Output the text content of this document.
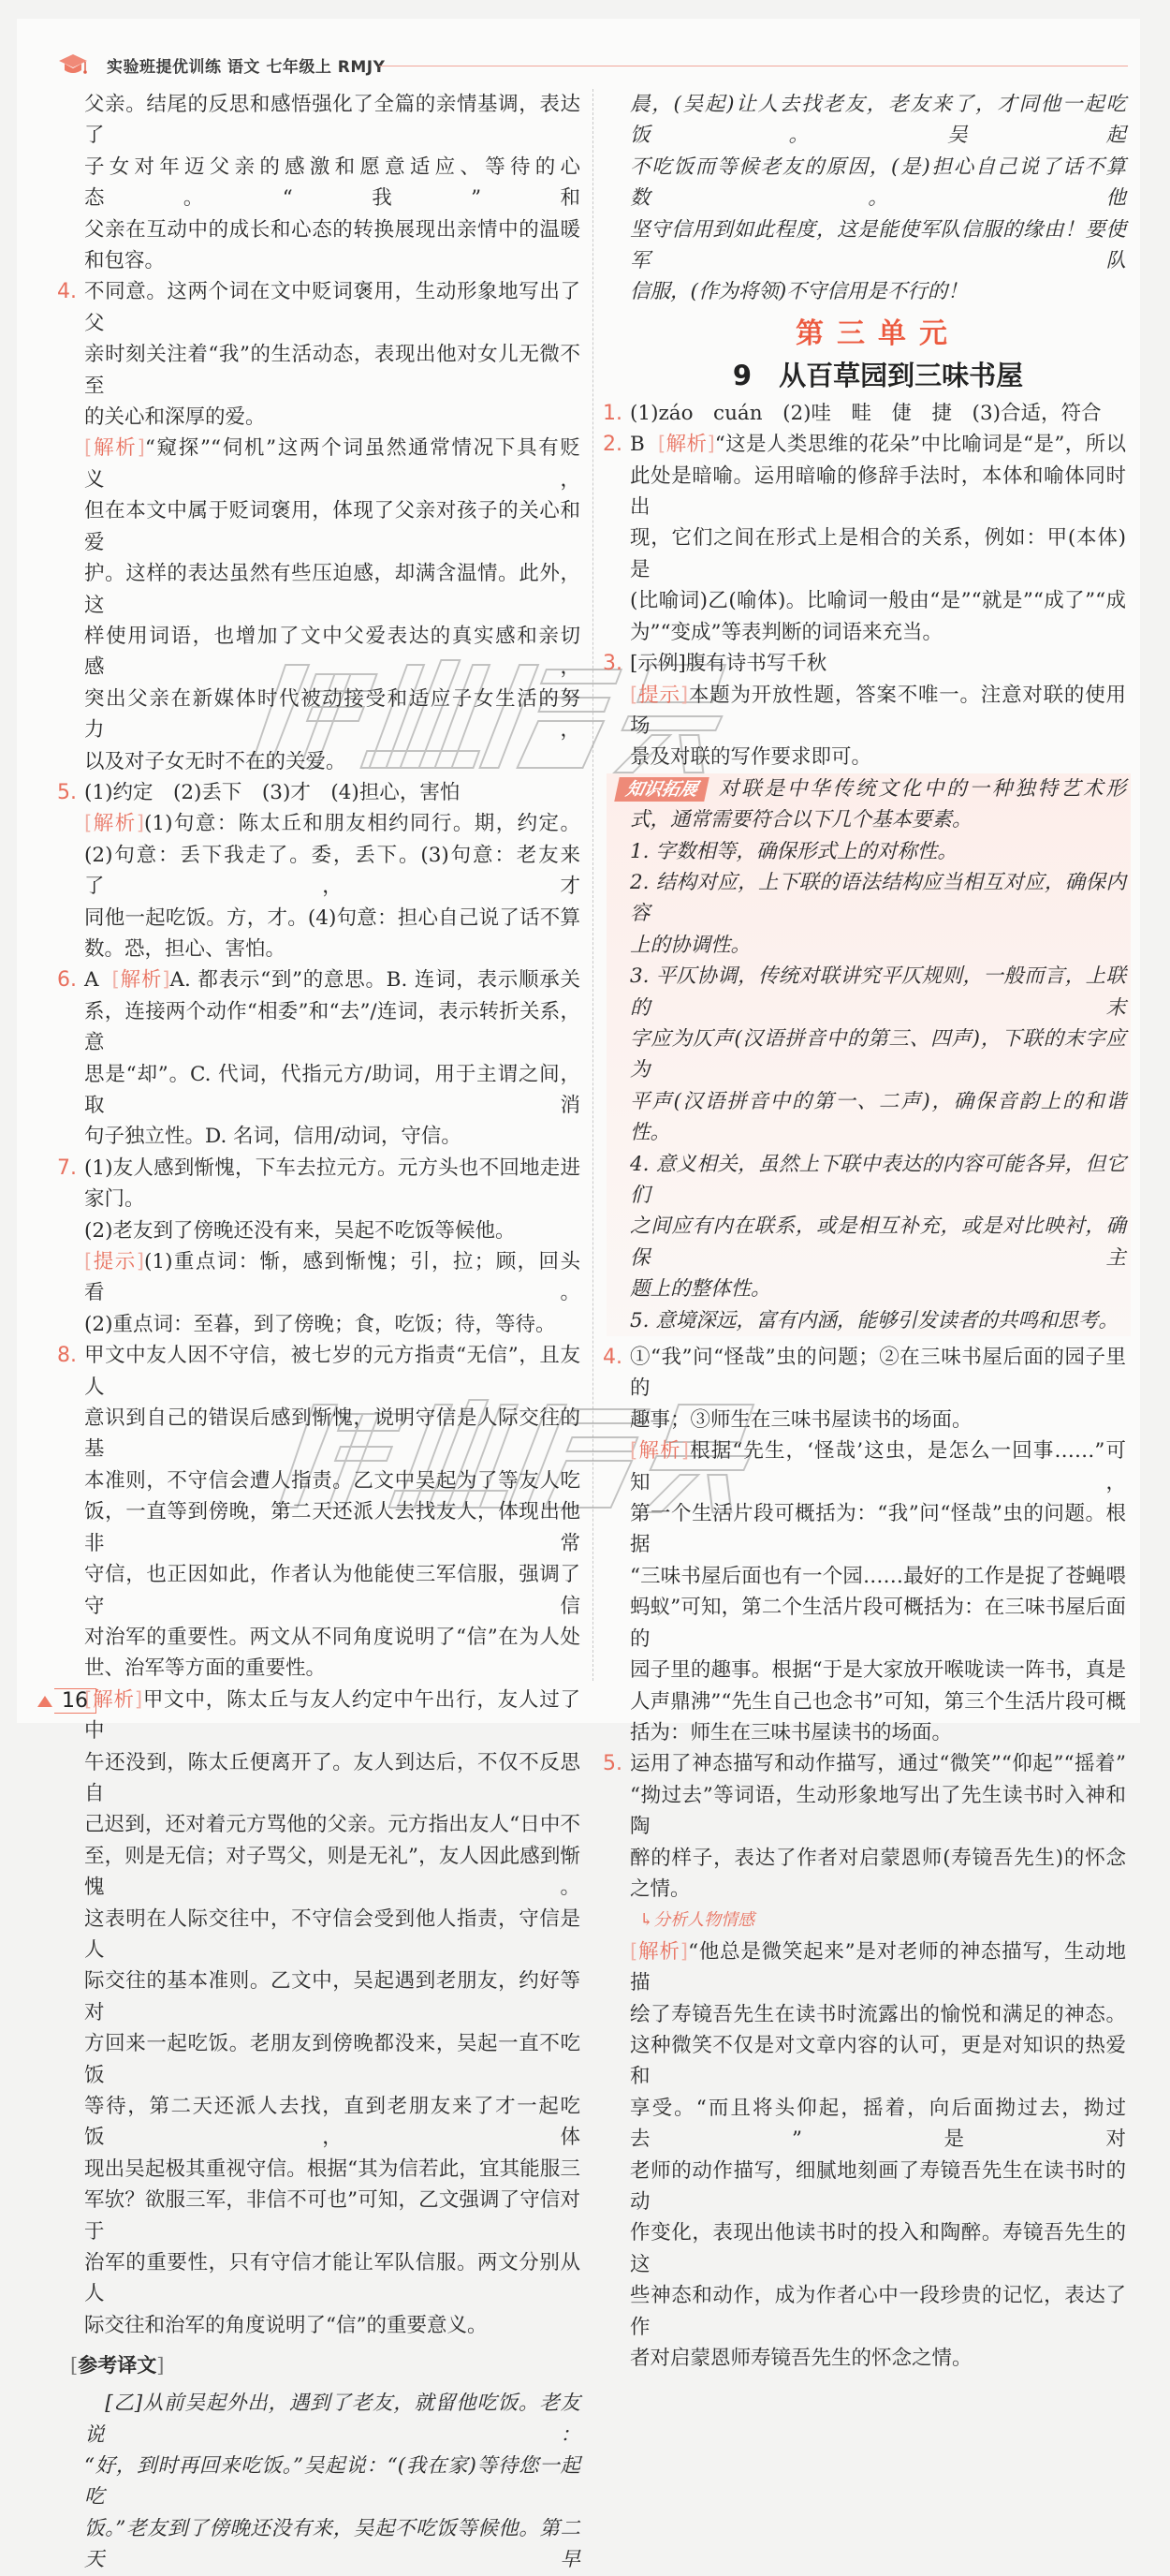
实验班提优训练 语文 七年级上 RMJY
父亲。结尾的反思和感悟强化了全篇的亲情基调，表达了
子女对年迈父亲的感激和愿意适应、等待的心态。“我”和
父亲在互动中的成长和心态的转换展现出亲情中的温暖
和包容。
4. 不同意。这两个词在文中贬词褒用，生动形象地写出了父
亲时刻关注着“我”的生活动态，表现出他对女儿无微不至
的关心和深厚的爱。
[ 解析 ] “窥探”“伺机”这两个词虽然通常情况下具有贬义，
但在本文中属于贬词褒用，体现了父亲对孩子的关心和爱
护。这样的表达虽然有些压迫感，却满含温情。此外，这
样使用词语，也增加了文中父爱表达的真实感和亲切感，
突出父亲在新媒体时代被动接受和适应子女生活的努力，
以及对子女无时不在的关爱。
5. (1)约定　(2)丢下　(3)才　(4)担心，害怕
[ 解析 ] (1)句意：陈太丘和朋友相约同行。期，约定。
(2)句意：丢下我走了。委，丢下。(3)句意：老友来了，才
同他一起吃饭。方，才。(4)句意：担心自己说了话不算
数。恐，担心、害怕。
6. A [ 解析 ] A. 都表示“到”的意思。B. 连词，表示顺承关
系，连接两个动作“相委”和“去”/连词，表示转折关系，意
思是“却”。C. 代词，代指元方/助词，用于主谓之间，取消
句子独立性。D. 名词，信用/动词，守信。
7. (1)友人感到惭愧，下车去拉元方。元方头也不回地走进
家门。
(2)老友到了傍晚还没有来，吴起不吃饭等候他。
[ 提示 ] (1)重点词：惭，感到惭愧；引，拉；顾，回头看。
(2)重点词：至暮，到了傍晚；食，吃饭；待，等待。
8. 甲文中友人因不守信，被七岁的元方指责“无信”，且友人
意识到自己的错误后感到惭愧，说明守信是人际交往的基
本准则，不守信会遭人指责。乙文中吴起为了等友人吃
饭，一直等到傍晚，第二天还派人去找友人，体现出他非常
守信，也正因如此，作者认为他能使三军信服，强调了守信
对治军的重要性。两文从不同角度说明了“信”在为人处
世、治军等方面的重要性。
[ 解析 ] 甲文中，陈太丘与友人约定中午出行，友人过了中
午还没到，陈太丘便离开了。友人到达后，不仅不反思自
己迟到，还对着元方骂他的父亲。元方指出友人“日中不
至，则是无信；对子骂父，则是无礼”，友人因此感到惭愧。
这表明在人际交往中，不守信会受到他人指责，守信是人
际交往的基本准则。乙文中，吴起遇到老朋友，约好等对
方回来一起吃饭。老朋友到傍晚都没来，吴起一直不吃饭
等待，第二天还派人去找，直到老朋友来了才一起吃饭，体
现出吴起极其重视守信。根据“其为信若此，宜其能服三
军欤？欲服三军，非信不可也”可知，乙文强调了守信对于
治军的重要性，只有守信才能让军队信服。两文分别从人
际交往和治军的角度说明了“信”的重要意义。
[ 参考译文 ]
　[乙]从前吴起外出，遇到了老友，就留他吃饭。老友说：
“好，到时再回来吃饭。”吴起说：“(我在家)等待您一起吃
饭。”老友到了傍晚还没有来，吴起不吃饭等候他。第二天早
晨，(吴起)让人去找老友，老友来了，才同他一起吃饭。吴起
不吃饭而等候老友的原因，(是)担心自己说了话不算数。他
坚守信用到如此程度，这是能使军队信服的缘由！要使军队
信服，(作为将领)不守信用是不行的！
第三单元
9　从百草园到三味书屋
1. (1)záo　cuán　(2)哇　畦　倢　捷　(3)合适，符合
2. B [ 解析 ] “这是人类思维的花朵”中比喻词是“是”，所以
此处是暗喻。运用暗喻的修辞手法时，本体和喻体同时出
现，它们之间在形式上是相合的关系，例如：甲(本体)是
(比喻词)乙(喻体)。比喻词一般由“是”“就是”“成了”“成
为”“变成”等表判断的词语来充当。
3. [示例]腹有诗书写千秋
[ 提示 ] 本题为开放性题，答案不唯一。注意对联的使用场
景及对联的写作要求即可。
知识拓展 对联是中华传统文化中的一种独特艺术形
式，通常需要符合以下几个基本要素。
1. 字数相等，确保形式上的对称性。
2. 结构对应，上下联的语法结构应当相互对应，确保内容
上的协调性。
3. 平仄协调，传统对联讲究平仄规则，一般而言，上联的末
字应为仄声(汉语拼音中的第三、四声)，下联的末字应为
平声(汉语拼音中的第一、二声)，确保音韵上的和谐性。
4. 意义相关，虽然上下联中表达的内容可能各异，但它们
之间应有内在联系，或是相互补充，或是对比映衬，确保主
题上的整体性。
5. 意境深远，富有内涵，能够引发读者的共鸣和思考。
4. ①“我”问“怪哉”虫的问题；②在三味书屋后面的园子里的
趣事；③师生在三味书屋读书的场面。
[ 解析 ] 根据“先生，‘怪哉’这虫，是怎么一回事……”可知，
第一个生活片段可概括为：“我”问“怪哉”虫的问题。根据
“三味书屋后面也有一个园……最好的工作是捉了苍蝇喂
蚂蚁”可知，第二个生活片段可概括为：在三味书屋后面的
园子里的趣事。根据“于是大家放开喉咙读一阵书，真是
人声鼎沸”“先生自己也念书”可知，第三个生活片段可概
括为：师生在三味书屋读书的场面。
5. 运用了神态描写和动作描写，通过“微笑”“仰起”“摇着”
“拗过去”等词语，生动形象地写出了先生读书时入神和陶
醉的样子，表达了作者对启蒙恩师(寿镜吾先生)的怀念
之情。
↳ 分析人物情感
[ 解析 ] “他总是微笑起来”是对老师的神态描写，生动地描
绘了寿镜吾先生在读书时流露出的愉悦和满足的神态。
这种微笑不仅是对文章内容的认可，更是对知识的热爱和
享受。“而且将头仰起，摇着，向后面拗过去，拗过去”是对
老师的动作描写，细腻地刻画了寿镜吾先生在读书时的动
作变化，表现出他读书时的投入和陶醉。寿镜吾先生的这
些神态和动作，成为作者心中一段珍贵的记忆，表达了作
者对启蒙恩师寿镜吾先生的怀念之情。
16
